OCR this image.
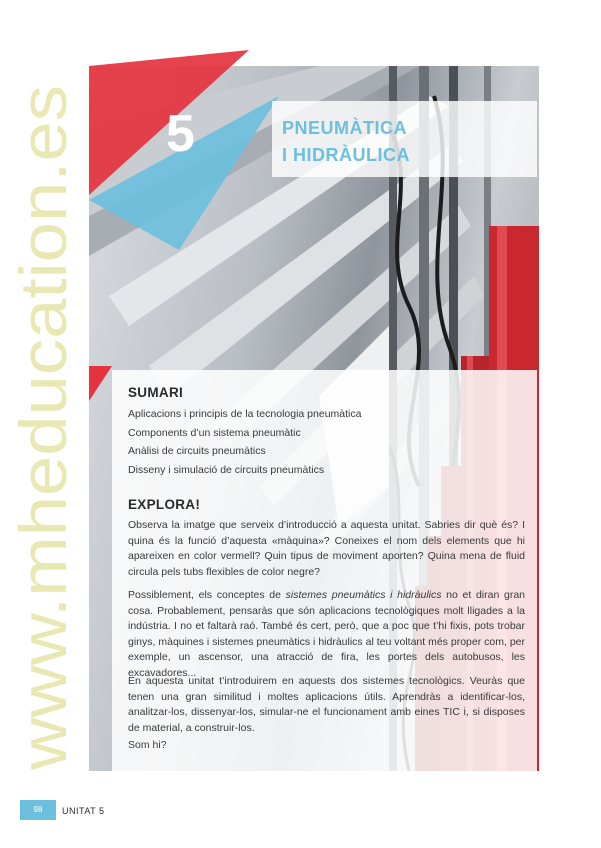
www.mheducation.es
5	PNEUMÀTICA
I HIDRÀULICA
SUMARI
Aplicacions i principis de la tecnologia pneumàtica
Components d’un sistema pneumàtic
Anàlisi de circuits pneumàtics
Disseny i simulació de circuits pneumàtics
EXPLORA!

Observa la imatge que serveix d’introducció a aquesta unitat. Sabries dir què és? I quina és la funció d’aquesta «màquina»? Coneixes el nom dels elements que hi apareixen en color vermell? Quin tipus de moviment aporten? Quina mena de fluid circula pels tubs flexibles de color negre?

Possiblement, els conceptes de sistemes pneumàtics i hidràulics no et diran gran cosa. Probablement, pensaràs que són aplicacions tecnològiques molt lligades a la indústria. I no et faltarà raó. També és cert, però, que a poc que t’hi fixis, pots trobar ginys, màquines i sistemes pneumàtics i hidràulics al teu voltant més proper com, per exemple, un ascensor, una atracció de fira, les portes dels autobusos, les excavadores...

En aquesta unitat t’introduirem en aquests dos sistemes tecnològics. Veuràs que tenen una gran similitud i moltes aplicacions útils. Aprendràs a identificar-los, analitzar-los, dissenyar-los, simular-ne el funcionament amb eines TIC i, si disposes de material, a construir-los.

Som hi?

98	UNITAT 5
